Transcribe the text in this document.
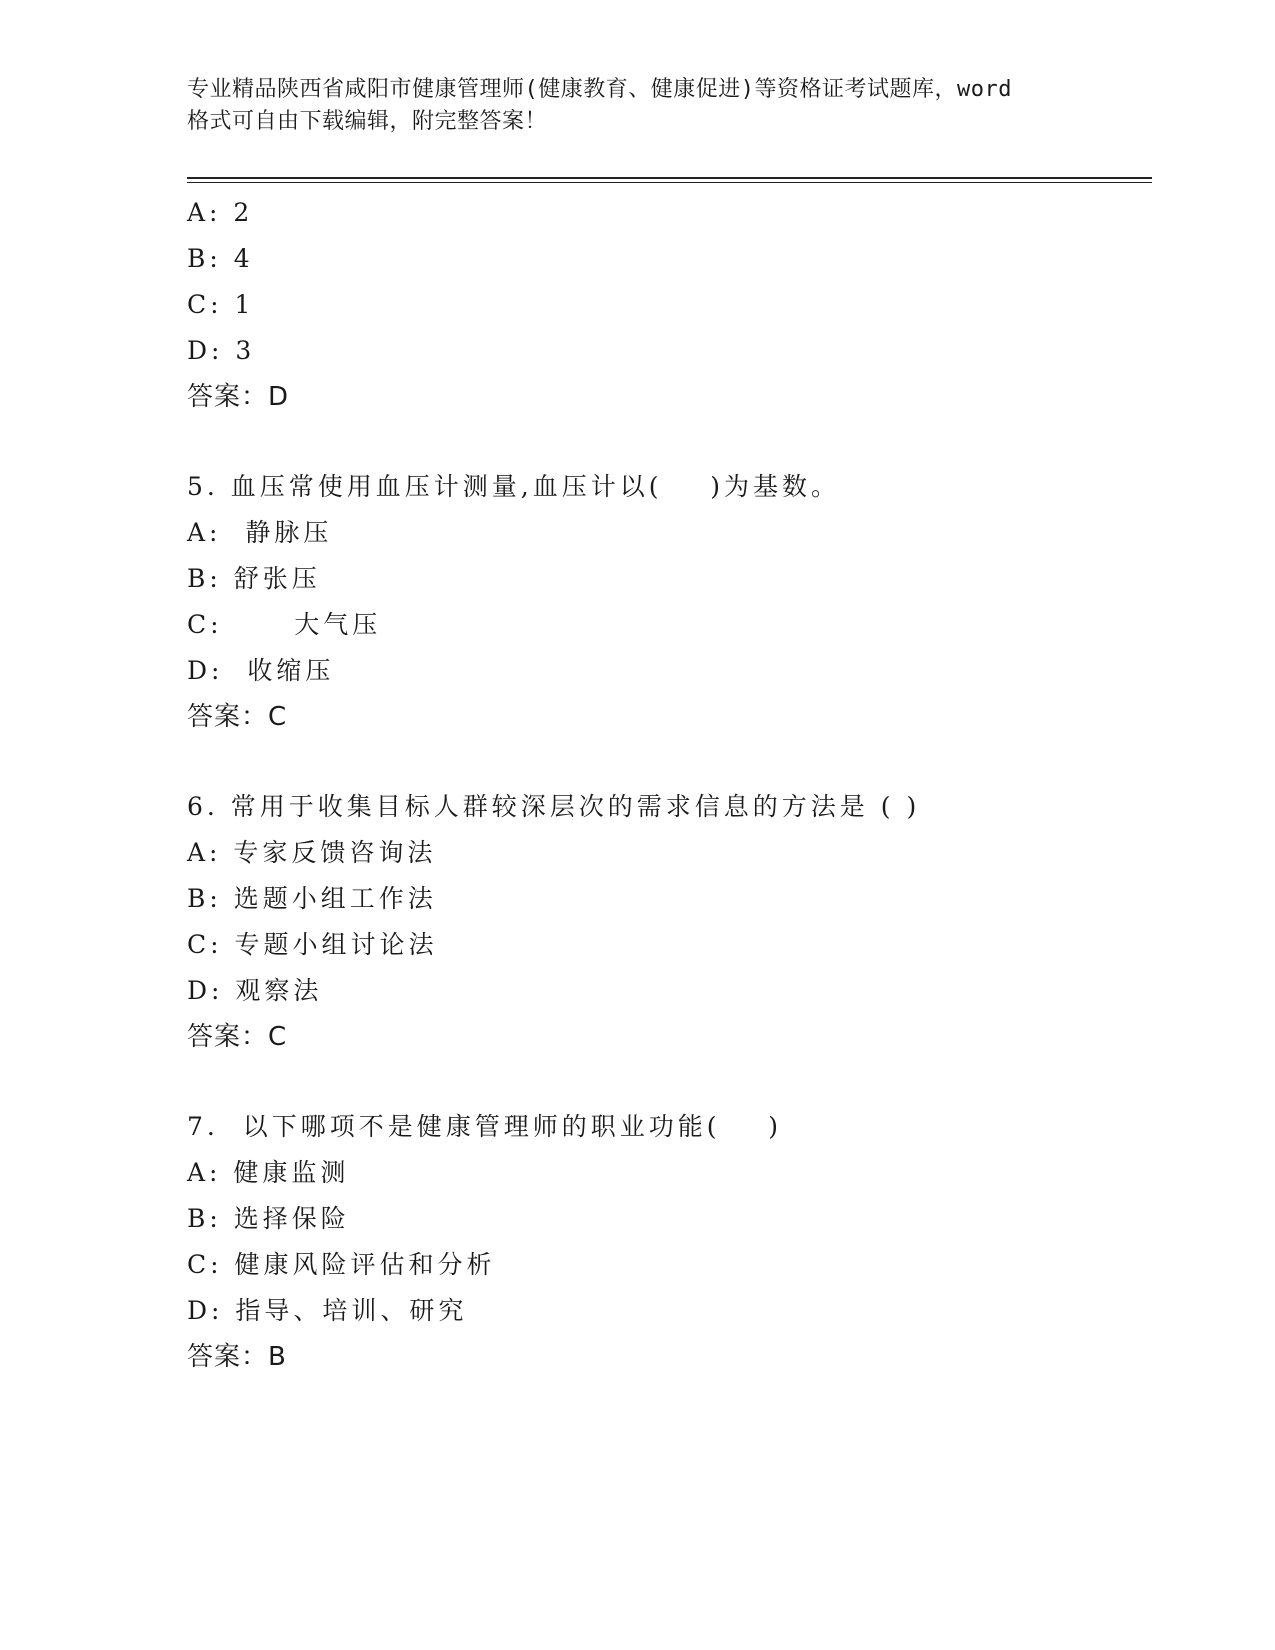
专业精品陕西省咸阳市健康管理师(健康教育、健康促进)等资格证考试题库，word
格式可自由下载编辑，附完整答案！
A: 2
B: 4
C: 1
D: 3
答案：D
5. 血压常使用血压计测量,血压计以(    )为基数。
A:  静脉压
B: 舒张压
C:      大气压
D:  收缩压
答案：C
6. 常用于收集目标人群较深层次的需求信息的方法是 ( )
A: 专家反馈咨询法
B: 选题小组工作法
C: 专题小组讨论法
D: 观察法
答案：C
7.  以下哪项不是健康管理师的职业功能(    )
A: 健康监测
B: 选择保险
C: 健康风险评估和分析
D: 指导、培训、研究
答案：B
